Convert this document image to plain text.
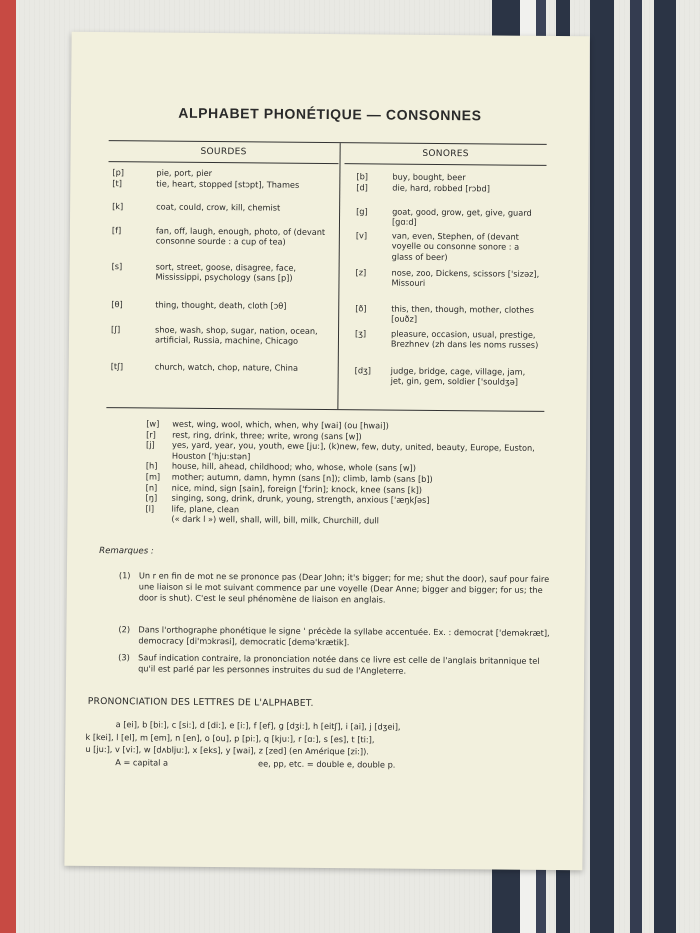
ALPHABET PHONÉTIQUE — CONSONNES
SOURDES
[p]	pie, port, pier
[t]	tie, heart, stopped [stɔpt], Thames
[k]	coat, could, crow, kill, chemist
[f]	fan, off, laugh, enough, photo, of (devant consonne sourde : a cup of tea)
[s]	sort, street, goose, disagree, face, Mississippi, psychology (sans [p])
[θ]	thing, thought, death, cloth [ɔθ]
[ʃ]	shoe, wash, shop, sugar, nation, ocean, artificial, Russia, machine, Chicago
[tʃ]	church, watch, chop, nature, China
SONORES
[b]	buy, bought, beer
[d]	die, hard, robbed [rɔbd]
[g]	goat, good, grow, get, give, guard [gɑ:d]
[v]	van, even, Stephen, of (devant voyelle ou consonne sonore : a glass of beer)
[z]	nose, zoo, Dickens, scissors ['sizəz], Missouri
[ð]	this, then, though, mother, clothes [ouðz]
[ʒ]	pleasure, occasion, usual, prestige, Brezhnev (zh dans les noms russes)
[dʒ]	judge, bridge, cage, village, jam, jet, gin, gem, soldier ['souldʒə]
[w] west, wing, wool, which, when, why [wai] (ou [hwai])
[r] rest, ring, drink, three; write, wrong (sans [w])
[j] yes, yard, year, you, youth, ewe [ju:], (k)new, few, duty, united, beauty, Europe, Euston, Houston ['hju:stən]
[h] house, hill, ahead, childhood; who, whose, whole (sans [w])
[m] mother; autumn, damn, hymn (sans [n]); climb, lamb (sans [b])
[n] nice, mind, sign [sain], foreign ['fɔrin]; knock, knee (sans [k])
[ŋ] singing, song, drink, drunk, young, strength, anxious ['æŋkʃəs]
[l] life, plane, clean
(« dark l ») well, shall, will, bill, milk, Churchill, dull
Remarques :
(1)	Un r en fin de mot ne se prononce pas (Dear John; it's bigger; for me; shut the door), sauf pour faire une liaison si le mot suivant commence par une voyelle (Dear Anne; bigger and bigger; for us; the door is shut). C'est le seul phénomène de liaison en anglais.
(2)	Dans l'orthographe phonétique le signe ' précède la syllabe accentuée. Ex. : democrat ['deməkræt], democracy [di'mɔkrəsi], democratic [demə'krætik].
(3)	Sauf indication contraire, la prononciation notée dans ce livre est celle de l'anglais britannique tel qu'il est parlé par les personnes instruites du sud de l'Angleterre.
PRONONCIATION DES LETTRES DE L'ALPHABET.
a [ei], b [bi:], c [si:], d [di:], e [i:], f [ef], g [dʒi:], h [eitʃ], i [ai], j [dʒei],
k [kei], l [el], m [em], n [en], o [ou], p [pi:], q [kju:], r [ɑ:], s [es], t [ti:],
u [ju:], v [vi:], w [dʌblju:], x [eks], y [wai], z [zed] (en Amérique [zi:]).
A = capital a	ee, pp, etc. = double e, double p.
